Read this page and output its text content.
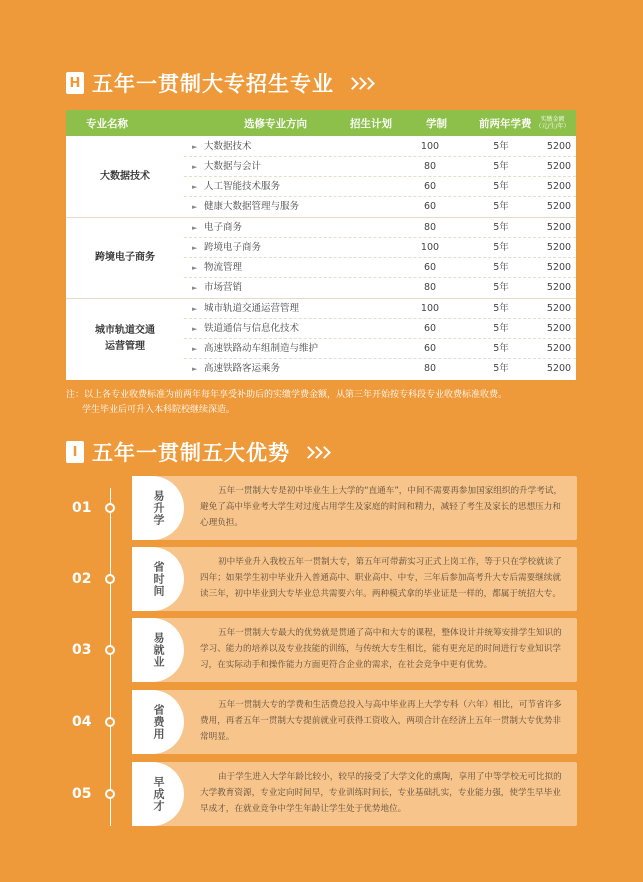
H 五年一贯制大专招生专业
专业名称	选修专业方向	招生计划	学制	前两年学费	实缴金额（元/生/年）
大数据技术
► 大数据技术	100	5年	5200
► 大数据与会计	80	5年	5200
► 人工智能技术服务	60	5年	5200
► 健康大数据管理与服务	60	5年	5200
跨境电子商务
► 电子商务	80	5年	5200
► 跨境电子商务	100	5年	5200
► 物流管理	60	5年	5200
► 市场营销	80	5年	5200
城市轨道交通
运营管理
► 城市轨道交通运营管理	100	5年	5200
► 铁道通信与信息化技术	60	5年	5200
► 高速铁路动车组制造与维护	60	5年	5200
► 高速铁路客运乘务	80	5年	5200
注：以上各专业收费标准为前两年每年享受补助后的实缴学费金额，从第三年开始按专科段专业收费标准收费。
学生毕业后可升入本科院校继续深造。
I 五年一贯制五大优势
01	易升学	五年一贯制大专是初中毕业生上大学的“直通车”，中间不需要再参加国家组织的升学考试，避免了高中毕业考大学生对过度占用学生及家庭的时间和精力，减轻了考生及家长的思想压力和心理负担。
02	省时间	初中毕业升入我校五年一贯制大专，第五年可带薪实习正式上岗工作，等于只在学校就读了四年；如果学生初中毕业升入普通高中、职业高中、中专，三年后参加高考升大专后需要继续就读三年，初中毕业到大专毕业总共需要六年。两种模式拿的毕业证是一样的，都属于统招大专。
03	易就业	五年一贯制大专最大的优势就是贯通了高中和大专的课程，整体设计并统筹安排学生知识的学习、能力的培养以及专业技能的训练，与传统大专生相比，能有更充足的时间进行专业知识学习，在实际动手和操作能力方面更符合企业的需求，在社会竞争中更有优势。
04	省费用	五年一贯制大专的学费和生活费总投入与高中毕业再上大学专科（六年）相比，可节省许多费用，再者五年一贯制大专提前就业可获得工资收入，两项合计在经济上五年一贯制大专优势非常明显。
05	早成才	由于学生进入大学年龄比较小，较早的接受了大学文化的熏陶，享用了中等学校无可比拟的大学教育资源，专业定向时间早，专业训练时间长，专业基础扎实，专业能力强，使学生早毕业早成才，在就业竞争中学生年龄让学生处于优势地位。
